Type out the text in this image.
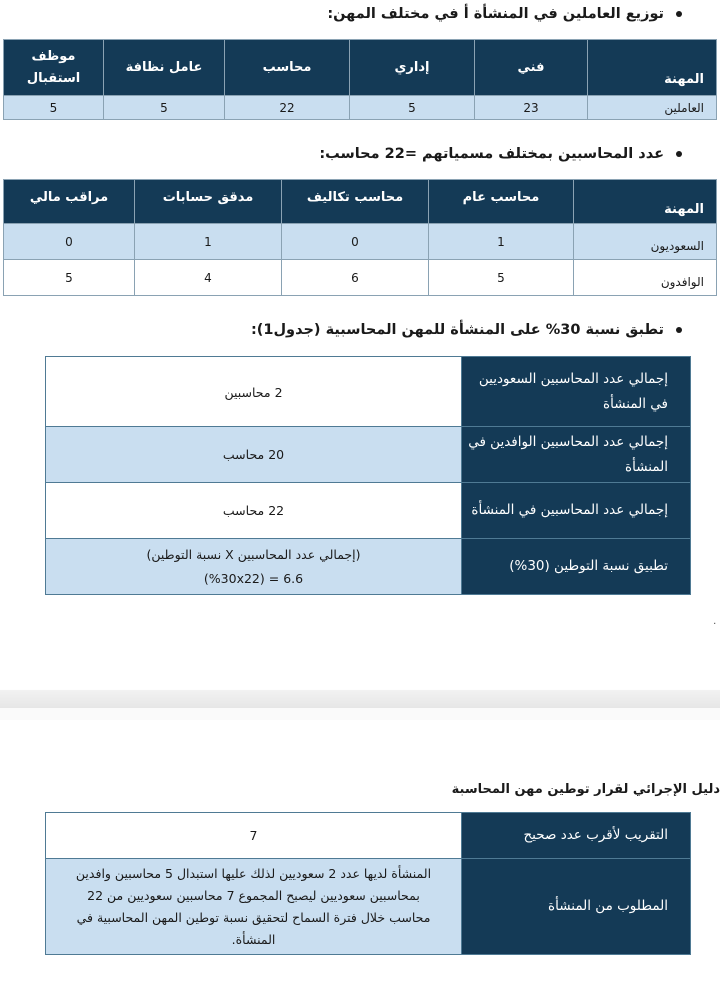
توزيع العاملين في المنشأة أ في مختلف المهن:
المهنة	فني	إداري	محاسب	عامل نظافة	موظف استقبال
العاملين	23	5	22	5	5
عدد المحاسبين بمختلف مسمياتهم =22 محاسب:
المهنة	محاسب عام	محاسب تكاليف	مدقق حسابات	مراقب مالي
السعوديون	1	0	1	0
الوافدون	5	6	4	5
تطبق نسبة 30% على المنشأة للمهن المحاسبية (جدول1):
إجمالي عدد المحاسبين السعوديين في المنشأة	2 محاسبين
إجمالي عدد المحاسبين الوافدين في المنشأة	20 محاسب
إجمالي عدد المحاسبين في المنشأة	22 محاسب
تطبيق نسبة التوطين (30%)	(إجمالي عدد المحاسبين X نسبة التوطين)
6.6 = (%30x22)
٠
دليل الإجرائي لقرار توطين مهن المحاسبة
التقريب لأقرب عدد صحيح	7
المطلوب من المنشأة	المنشأة لديها عدد 2 سعوديين لذلك عليها استبدال 5 محاسبين وافدين بمحاسبين سعوديين ليصبح المجموع 7 محاسبين سعوديين من 22 محاسب خلال فترة السماح لتحقيق نسبة توطين المهن المحاسبية في المنشأة.
